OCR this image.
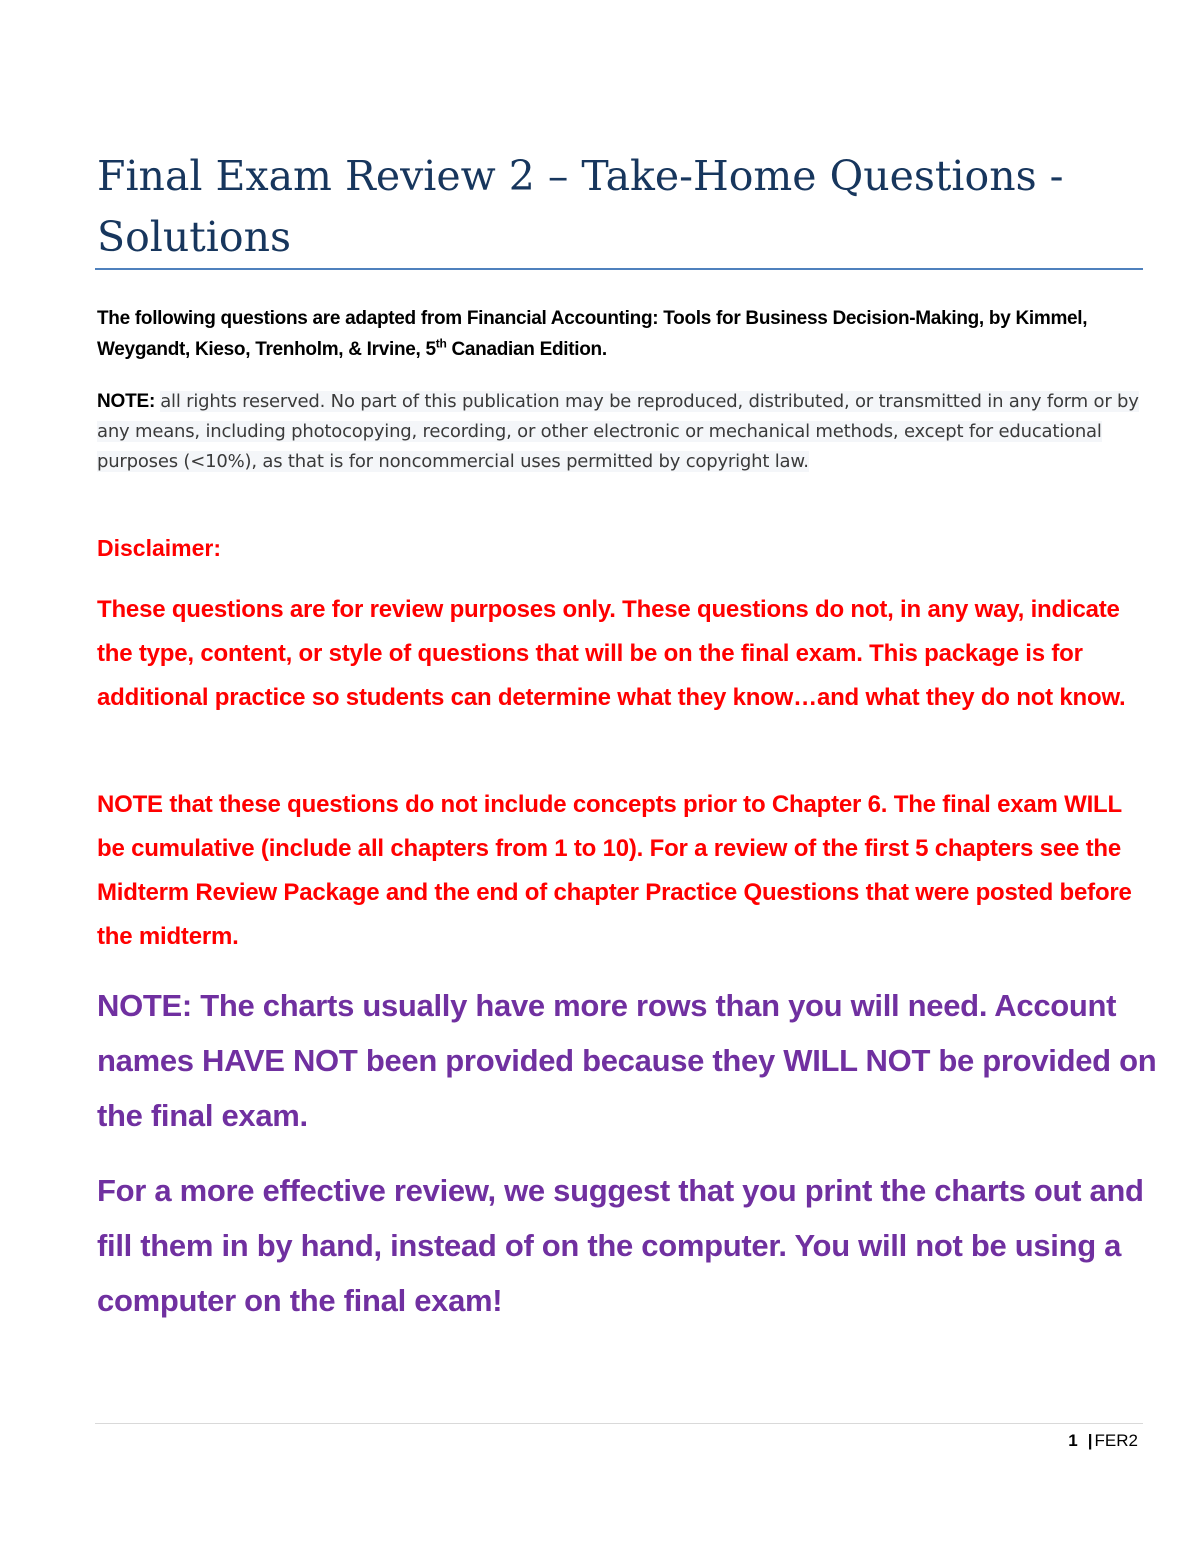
Final Exam Review 2 – Take-Home Questions - Solutions

The following questions are adapted from Financial Accounting: Tools for Business Decision-Making, by Kimmel, Weygandt, Kieso, Trenholm, & Irvine, 5th Canadian Edition.

NOTE: all rights reserved. No part of this publication may be reproduced, distributed, or transmitted in any form or by any means, including photocopying, recording, or other electronic or mechanical methods, except for educational purposes (<10%), as that is for noncommercial uses permitted by copyright law.

Disclaimer:

These questions are for review purposes only. These questions do not, in any way, indicate the type, content, or style of questions that will be on the final exam. This package is for additional practice so students can determine what they know…and what they do not know.

NOTE that these questions do not include concepts prior to Chapter 6. The final exam WILL be cumulative (include all chapters from 1 to 10). For a review of the first 5 chapters see the Midterm Review Package and the end of chapter Practice Questions that were posted before the midterm.

NOTE: The charts usually have more rows than you will need. Account names HAVE NOT been provided because they WILL NOT be provided on the final exam.

For a more effective review, we suggest that you print the charts out and fill them in by hand, instead of on the computer. You will not be using a computer on the final exam!

1 | FER2
